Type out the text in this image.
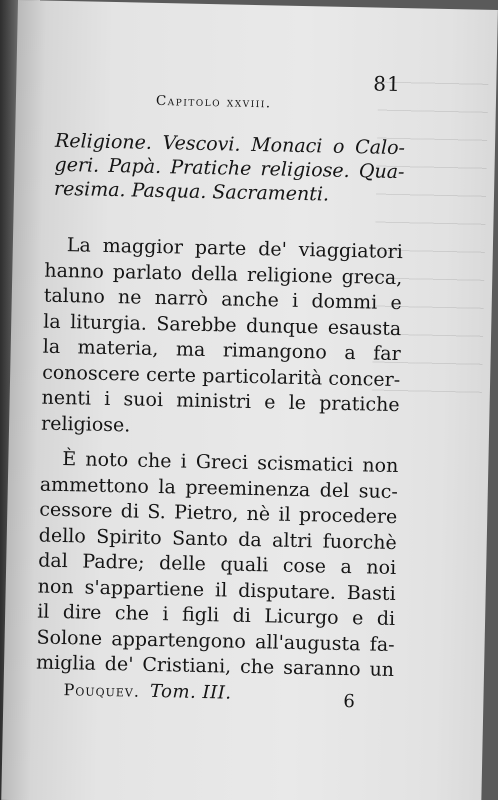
81
Capitolo xxviii.
Religione. Vescovi. Monaci o Calo-
geri. Papà. Pratiche religiose. Qua-
resima. Pasqua. Sacramenti.

La maggior parte de' viaggiatori
hanno parlato della religione greca,
taluno ne narrò anche i dommi e
la liturgia. Sarebbe dunque esausta
la materia, ma rimangono a far
conoscere certe particolarità concer-
nenti i suoi ministri e le pratiche
religiose.

È noto che i Greci scismatici non
ammettono la preeminenza del suc-
cessore di S. Pietro, nè il procedere
dello Spirito Santo da altri fuorchè
dal Padre; delle quali cose a noi
non s'appartiene il disputare. Basti
il dire che i figli di Licurgo e di
Solone appartengono all'augusta fa-
miglia de' Cristiani, che saranno un

Pouquev. Tom. III.	6
